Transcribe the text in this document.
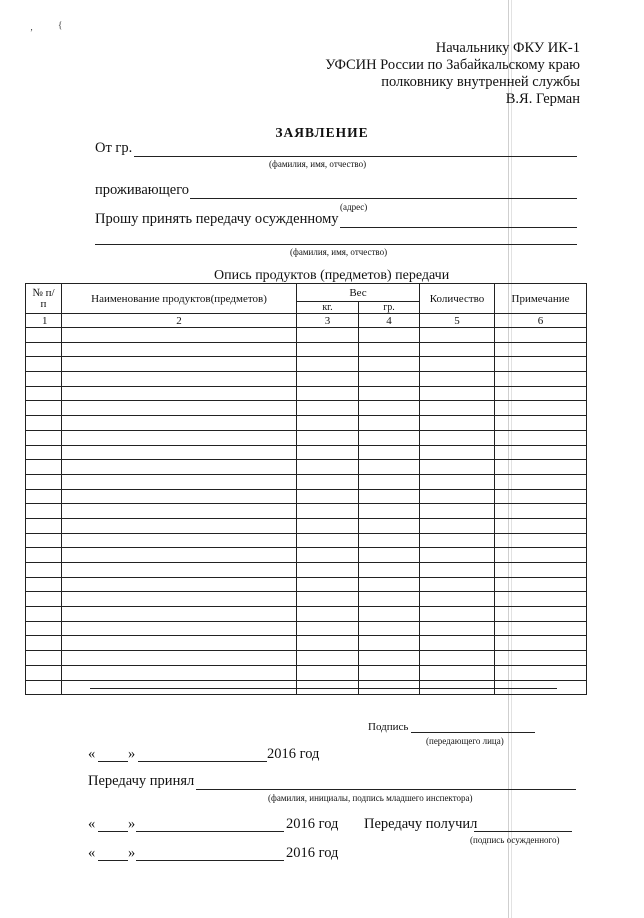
‚	{
Начальнику ФКУ ИК-1
УФСИН России по Забайкальскому краю
полковнику внутренней службы
В.Я. Герман
ЗАЯВЛЕНИЕ
От гр.
(фамилия, имя, отчество)
проживающего
(адрес)
Прошу принять передачу осужденному
(фамилия, имя, отчество)
Опись продуктов (предметов) передачи
№ п/п	Наименование продуктов(предметов)	Вес		Количество	Примечание
		кг.	гр.		
1	2	3	4	5	6

Подпись
(передающего лица)
« »	2016 год
Передачу принял
(фамилия, инициалы, подпись младшего инспектора)
« »	2016 год Передачу получил
(подпись осужденного)
« »	2016 год
